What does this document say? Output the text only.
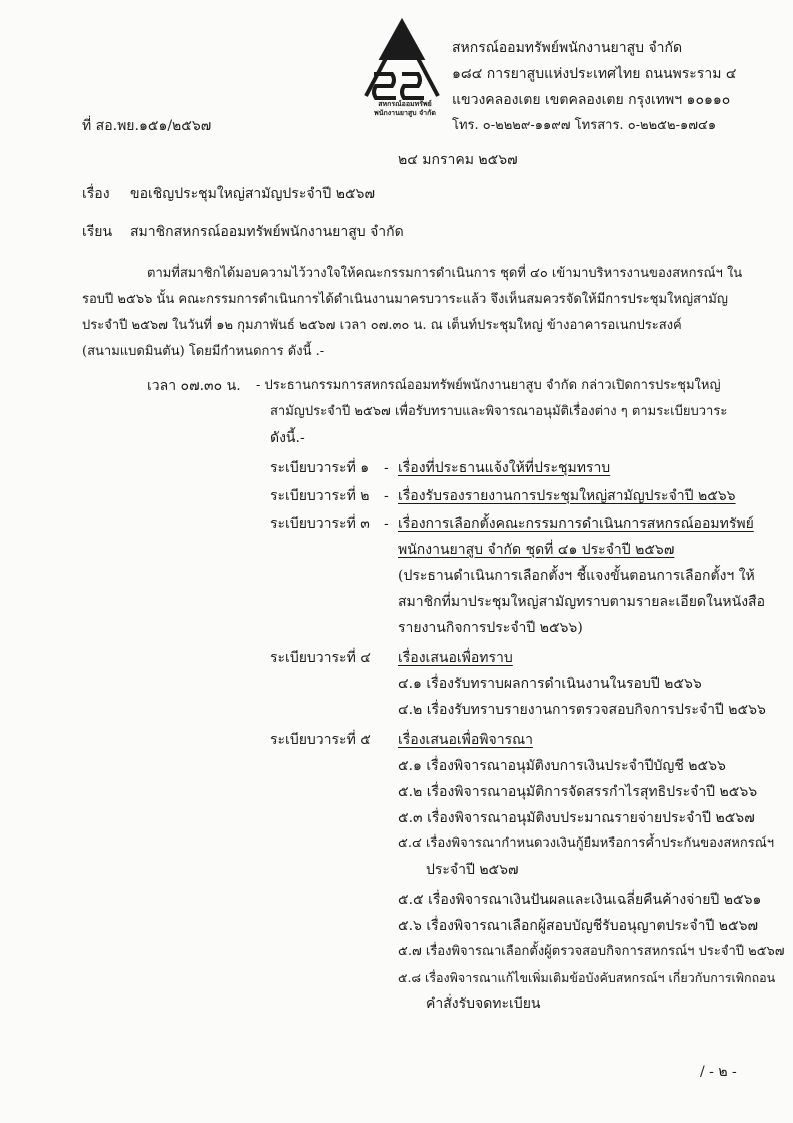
สหกรณ์ออมทรัพย์
พนักงานยาสูบ จำกัด
สหกรณ์ออมทรัพย์พนักงานยาสูบ จำกัด
๑๘๔ การยาสูบแห่งประเทศไทย ถนนพระราม ๔
แขวงคลองเตย เขตคลองเตย กรุงเทพฯ ๑๐๑๑๐
โทร. ๐-๒๒๒๙-๑๑๙๗ โทรสาร. ๐-๒๒๕๒-๑๗๔๑
ที่ สอ.พย.๑๕๑/๒๕๖๗
๒๔ มกราคม ๒๕๖๗
เรื่อง ขอเชิญประชุมใหญ่สามัญประจำปี ๒๕๖๗
เรียน สมาชิกสหกรณ์ออมทรัพย์พนักงานยาสูบ จำกัด
ตามที่สมาชิกได้มอบความไว้วางใจให้คณะกรรมการดำเนินการ ชุดที่ ๔๐ เข้ามาบริหารงานของสหกรณ์ฯ ใน
รอบปี ๒๕๖๖ นั้น คณะกรรมการดำเนินการได้ดำเนินงานมาครบวาระแล้ว จึงเห็นสมควรจัดให้มีการประชุมใหญ่สามัญ
ประจำปี ๒๕๖๗ ในวันที่ ๑๒ กุมภาพันธ์ ๒๕๖๗ เวลา ๐๗.๓๐ น. ณ เต็นท์ประชุมใหญ่ ข้างอาคารอเนกประสงค์
(สนามแบดมินตัน) โดยมีกำหนดการ ดังนี้ .-
เวลา ๐๗.๓๐ น. - ประธานกรรมการสหกรณ์ออมทรัพย์พนักงานยาสูบ จำกัด กล่าวเปิดการประชุมใหญ่
สามัญประจำปี ๒๕๖๗ เพื่อรับทราบและพิจารณาอนุมัติเรื่องต่าง ๆ ตามระเบียบวาระ
ดังนี้.-
ระเบียบวาระที่ ๑ - เรื่องที่ประธานแจ้งให้ที่ประชุมทราบ
ระเบียบวาระที่ ๒ - เรื่องรับรองรายงานการประชุมใหญ่สามัญประจำปี ๒๕๖๖
ระเบียบวาระที่ ๓ - เรื่องการเลือกตั้งคณะกรรมการดำเนินการสหกรณ์ออมทรัพย์
พนักงานยาสูบ จำกัด ชุดที่ ๔๑ ประจำปี ๒๕๖๗
(ประธานดำเนินการเลือกตั้งฯ ชี้แจงขั้นตอนการเลือกตั้งฯ ให้
สมาชิกที่มาประชุมใหญ่สามัญทราบตามรายละเอียดในหนังสือ
รายงานกิจการประจำปี ๒๕๖๖)
ระเบียบวาระที่ ๔ เรื่องเสนอเพื่อทราบ
๔.๑ เรื่องรับทราบผลการดำเนินงานในรอบปี ๒๕๖๖
๔.๒ เรื่องรับทราบรายงานการตรวจสอบกิจการประจำปี ๒๕๖๖
ระเบียบวาระที่ ๕ เรื่องเสนอเพื่อพิจารณา
๕.๑ เรื่องพิจารณาอนุมัติงบการเงินประจำปีบัญชี ๒๕๖๖
๕.๒ เรื่องพิจารณาอนุมัติการจัดสรรกำไรสุทธิประจำปี ๒๕๖๖
๕.๓ เรื่องพิจารณาอนุมัติงบประมาณรายจ่ายประจำปี ๒๕๖๗
๕.๔ เรื่องพิจารณากำหนดวงเงินกู้ยืมหรือการค้ำประกันของสหกรณ์ฯ
ประจำปี ๒๕๖๗
๕.๕ เรื่องพิจารณาเงินปันผลและเงินเฉลี่ยคืนค้างจ่ายปี ๒๕๖๑
๕.๖ เรื่องพิจารณาเลือกผู้สอบบัญชีรับอนุญาตประจำปี ๒๕๖๗
๕.๗ เรื่องพิจารณาเลือกตั้งผู้ตรวจสอบกิจการสหกรณ์ฯ ประจำปี ๒๕๖๗
๕.๘ เรื่องพิจารณาแก้ไขเพิ่มเติมข้อบังคับสหกรณ์ฯ เกี่ยวกับการเพิกถอน
คำสั่งรับจดทะเบียน
/ - ๒ -
